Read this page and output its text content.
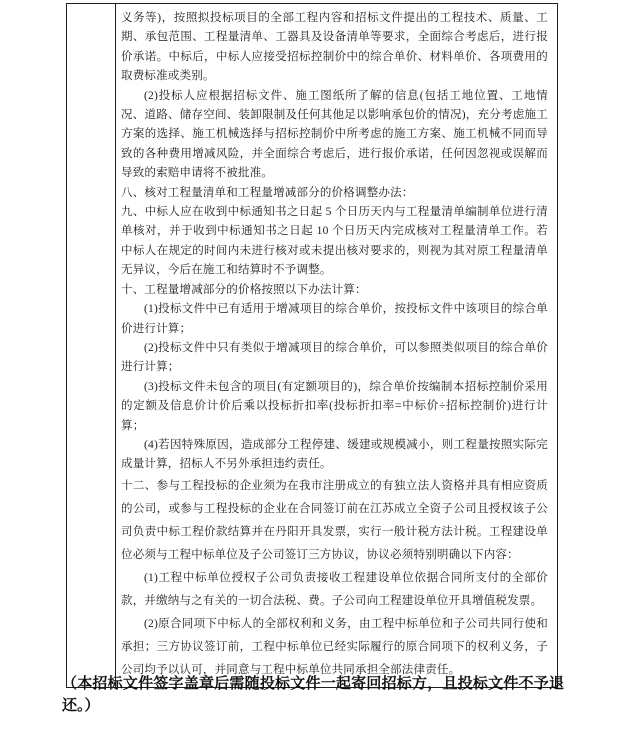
义务等)，按照拟投标项目的全部工程内容和招标文件提出的工程技术、质量、工期、承包范围、工程量清单、工器具及设备清单等要求，全面综合考虑后，进行报价承诺。中标后，中标人应接受招标控制价中的综合单价、材料单价、各项费用的取费标准或类别。

(2)投标人应根据招标文件、施工图纸所了解的信息(包括工地位置、工地情况、道路、储存空间、装卸限制及任何其他足以影响承包价的情况)，充分考虑施工方案的选择、施工机械选择与招标控制价中所考虑的施工方案、施工机械不同而导致的各种费用增减风险，并全面综合考虑后，进行报价承诺，任何因忽视或误解而导致的索赔申请将不被批准。

八、核对工程量清单和工程量增减部分的价格调整办法：

九、中标人应在收到中标通知书之日起 5 个日历天内与工程量清单编制单位进行清单核对，并于收到中标通知书之日起 10 个日历天内完成核对工程量清单工作。若中标人在规定的时间内未进行核对或未提出核对要求的，则视为其对原工程量清单无异议，今后在施工和结算时不予调整。

十、工程量增减部分的价格按照以下办法计算：

(1)投标文件中已有适用于增减项目的综合单价，按投标文件中该项目的综合单价进行计算；

(2)投标文件中只有类似于增减项目的综合单价，可以参照类似项目的综合单价进行计算；

(3)投标文件未包含的项目(有定额项目的)，综合单价按编制本招标控制价采用的定额及信息价计价后乘以投标折扣率(投标折扣率=中标价÷招标控制价)进行计算；

(4)若因特殊原因，造成部分工程停建、缓建或规模减小，则工程量按照实际完成量计算，招标人不另外承担违约责任。

十二、参与工程投标的企业须为在我市注册成立的有独立法人资格并具有相应资质的公司，或参与工程投标的企业在合同签订前在江苏成立全资子公司且授权该子公司负责中标工程价款结算并在丹阳开具发票，实行一般计税方法计税。工程建设单位必须与工程中标单位及子公司签订三方协议，协议必须特别明确以下内容：

(1)工程中标单位授权子公司负责接收工程建设单位依据合同所支付的全部价款，并缴纳与之有关的一切合法税、费。子公司向工程建设单位开具增值税发票。

(2)原合同项下中标人的全部权利和义务，由工程中标单位和子公司共同行使和承担；三方协议签订前，工程中标单位已经实际履行的原合同项下的权利义务，子公司均予以认可，并同意与工程中标单位共同承担全部法律责任。

（本招标文件签字盖章后需随投标文件一起寄回招标方，且投标文件不予退还。）
